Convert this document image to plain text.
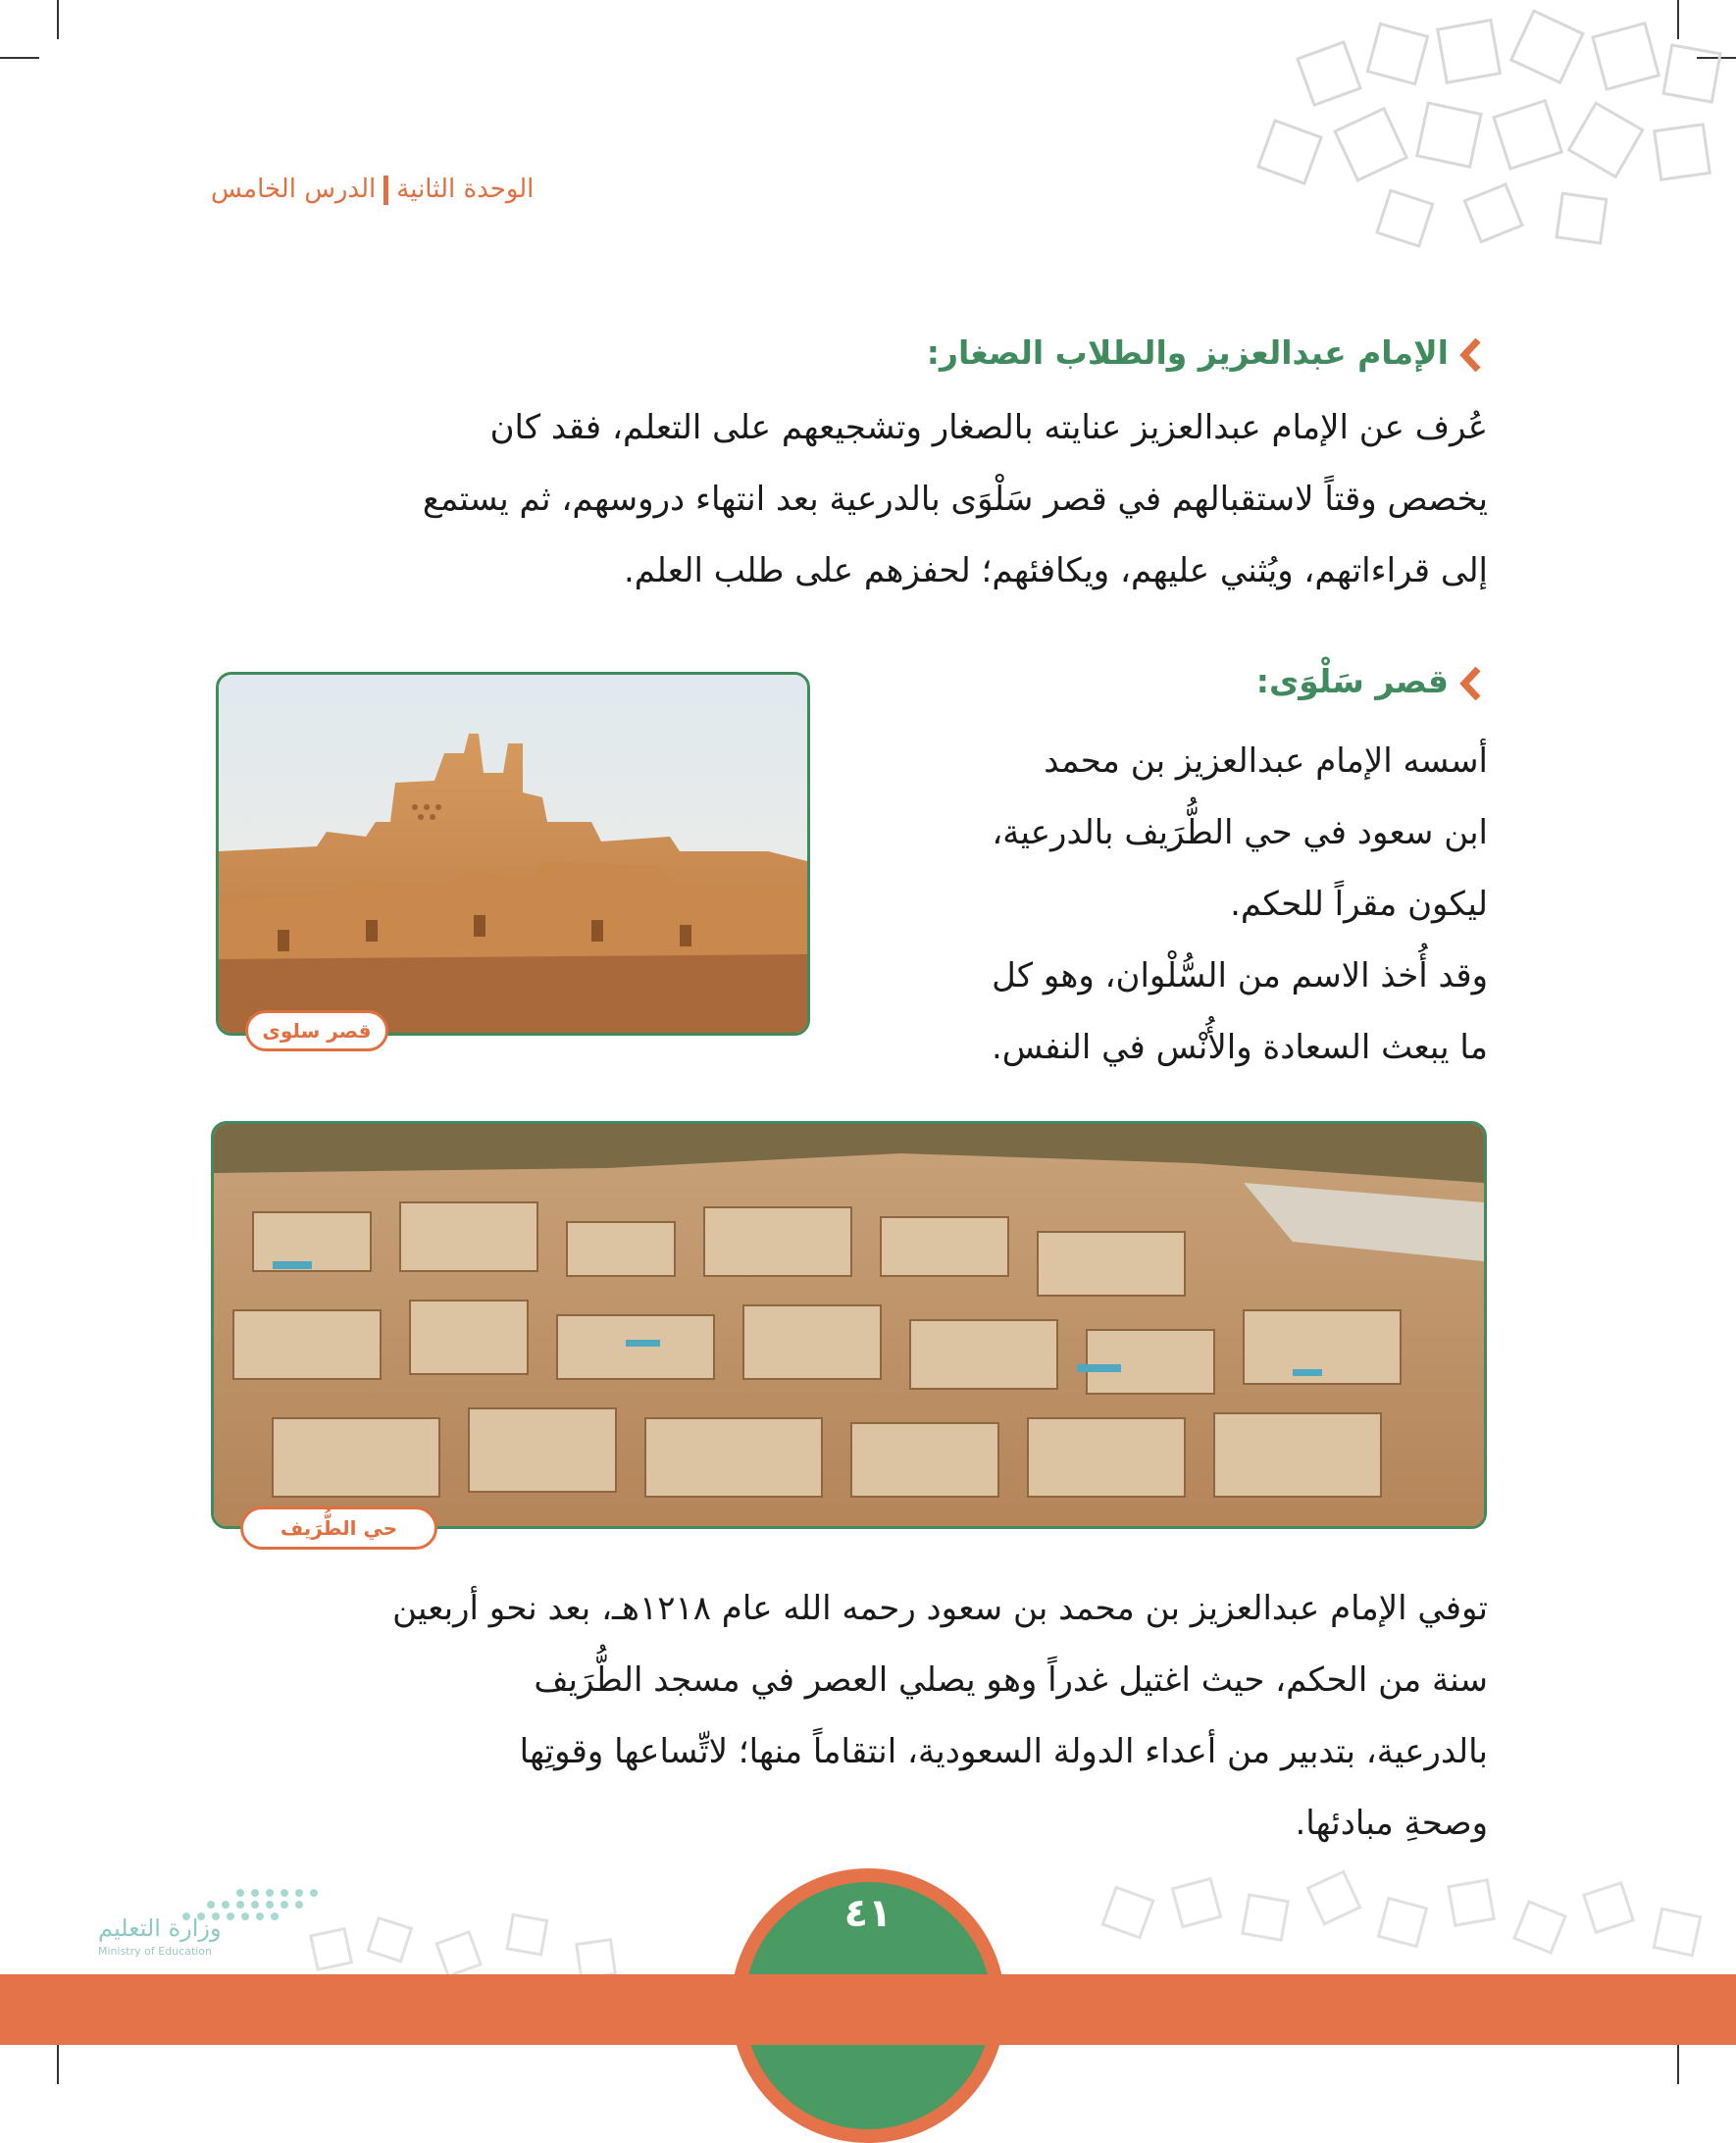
الوحدة الثانيةالدرس الخامس
الإمام عبدالعزيز والطلاب الصغار:

عُرف عن الإمام عبدالعزيز عنايته بالصغار وتشجيعهم على التعلم، فقد كان

يخصص وقتاً لاستقبالهم في قصر سَلْوَى بالدرعية بعد انتهاء دروسهم، ثم يستمع

إلى قراءاتهم، ويُثني عليهم، ويكافئهم؛ لحفزهم على طلب العلم.

قصر سَلْوَى:

أسسه الإمام عبدالعزيز بن محمد

ابن سعود في حي الطُّرَيف بالدرعية،

ليكون مقراً للحكم.

وقد أُخذ الاسم من السُّلْوان، وهو كل

ما يبعث السعادة والأُنْس في النفس.

قصر سلوى
حي الطُّرَيف

توفي الإمام عبدالعزيز بن محمد بن سعود رحمه الله عام ١٢١٨هـ، بعد نحو أربعين

سنة من الحكم، حيث اغتيل غدراً وهو يصلي العصر في مسجد الطُّرَيف

بالدرعية، بتدبير من أعداء الدولة السعودية، انتقاماً منها؛ لاتِّساعها وقوتِها

وصحةِ مبادئها.

٤١
وزارة التعليم
Ministry of Education
